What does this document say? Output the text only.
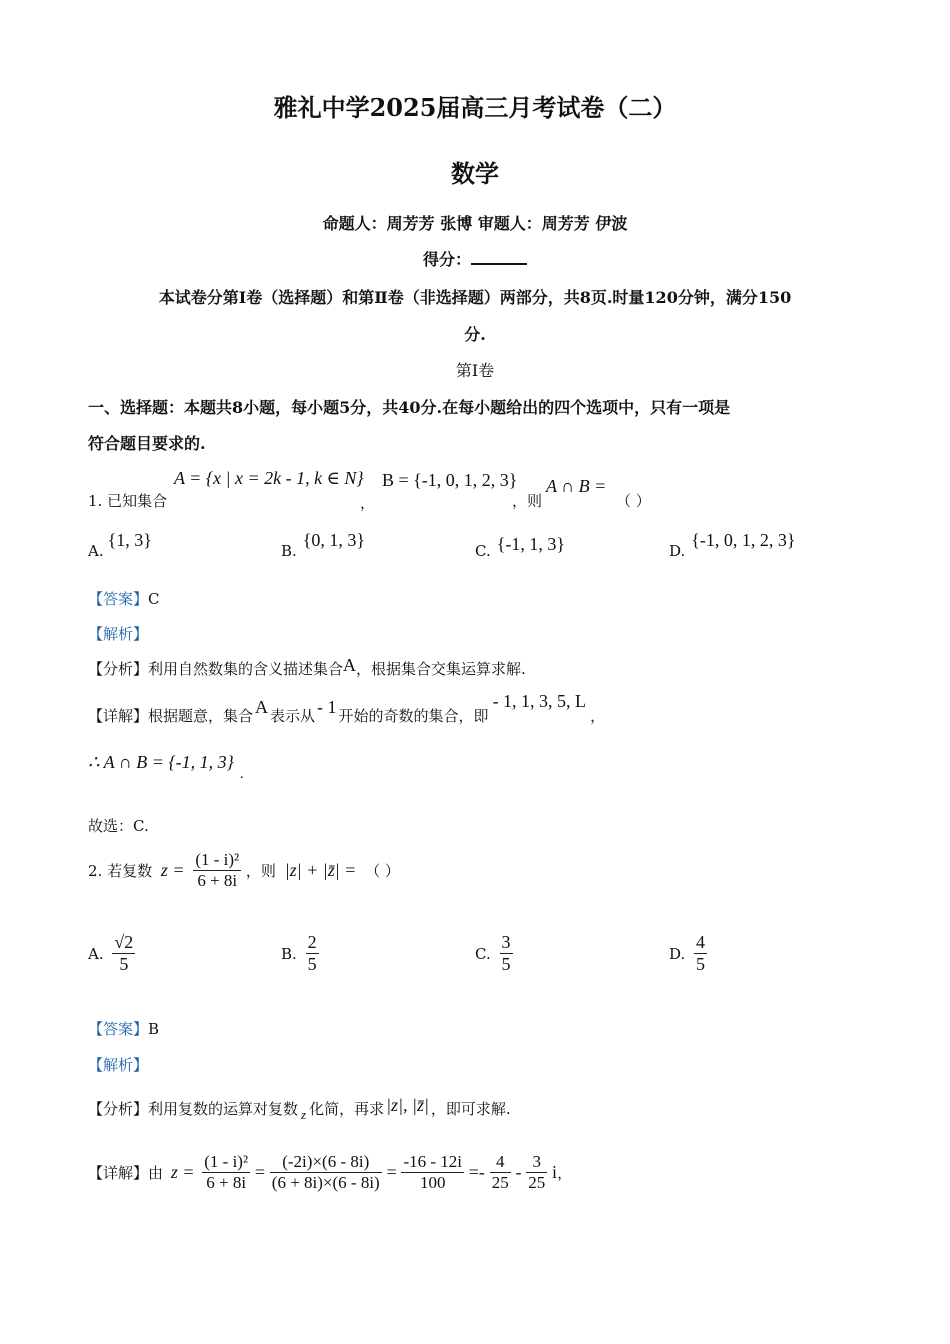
雅礼中学2025届高三月考试卷（二）
数学
命题人：周芳芳 张博 审题人：周芳芳 伊波
得分：
本试卷分第Ⅰ卷（选择题）和第Ⅱ卷（非选择题）两部分，共8页.时量120分钟，满分150
分.
第Ⅰ卷
一、选择题：本题共8小题，每小题5分，共40分.在每小题给出的四个选项中，只有一项是
符合题目要求的.
1. 已知集合
A = {x | x = 2k - 1, k ∈ N}
，
B = {-1, 0, 1, 2, 3}
，则
A ∩ B =
（ ）
A.{1, 3}
B.{0, 1, 3}
C. {-1, 1, 3}	D.{-1, 0, 1, 2, 3}
【答案】C
【解析】
【分析】利用自然数集的含义描述集合A，根据集合交集运算求解.
【详解】根据题意，集合 A 表示从 - 1 开始的奇数的集合，即- 1, 1, 3, 5, L，
∴ A ∩ B = {-1, 1, $3\}_.$
故选：C.
2. 若复数 $z = \frac{\text{(1 - i)²}}{6 + 8i}$ ，则 |z| + |z̄| = （ ）
A. $\frac{√2}{5}$	B. $\frac{2}{5}$	C. $\frac{3}{5}$	D. $\frac{4}{5}$
【答案】B
【解析】
【分析】利用复数的运算对复数 z 化简，再求 |z|, |z̄| ，即可求解.
【详解】由 $z = \frac{\text{(1 - i)²}}{6 + 8i} = \frac{(-2i)\times(6 - 8i)}{(6 + 8i)\times(6 - 8i)} = \frac{-16 - 12i}{100} =- \frac{4}{25} - \frac{3}{25}$ i，
